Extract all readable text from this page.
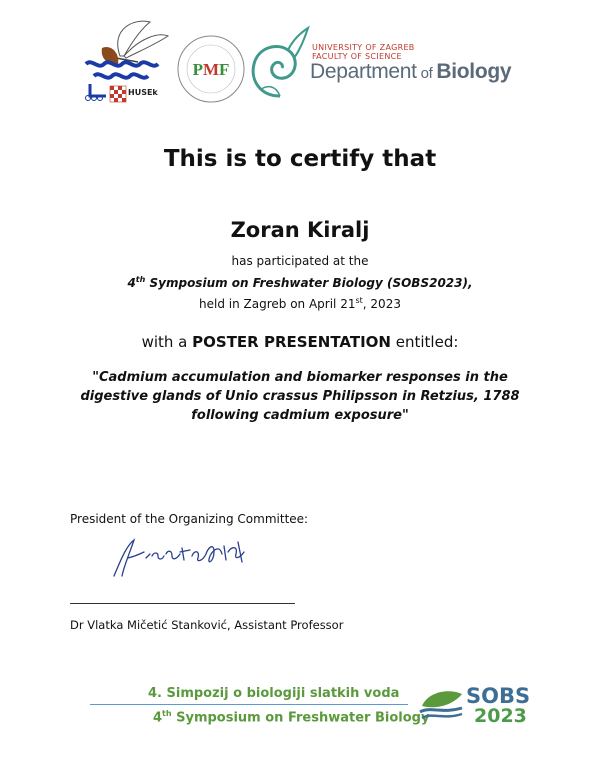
HUSEk
PMF
UNIVERSITY OF ZAGREB
FACULTY OF SCIENCE
Department of Biology
This is to certify that
Zoran Kiralj
has participated at the
4th Symposium on Freshwater Biology (SOBS2023),
held in Zagreb on April 21st, 2023
with a POSTER PRESENTATION entitled:
"Cadmium accumulation and biomarker responses in the digestive glands of Unio crassus Philipsson in Retzius, 1788 following cadmium exposure"
President of the Organizing Committee:
Dr Vlatka Mičetić Stanković, Assistant Professor
4. Simpozij o biologiji slatkih voda
4th Symposium on Freshwater Biology
SOBS
2023
